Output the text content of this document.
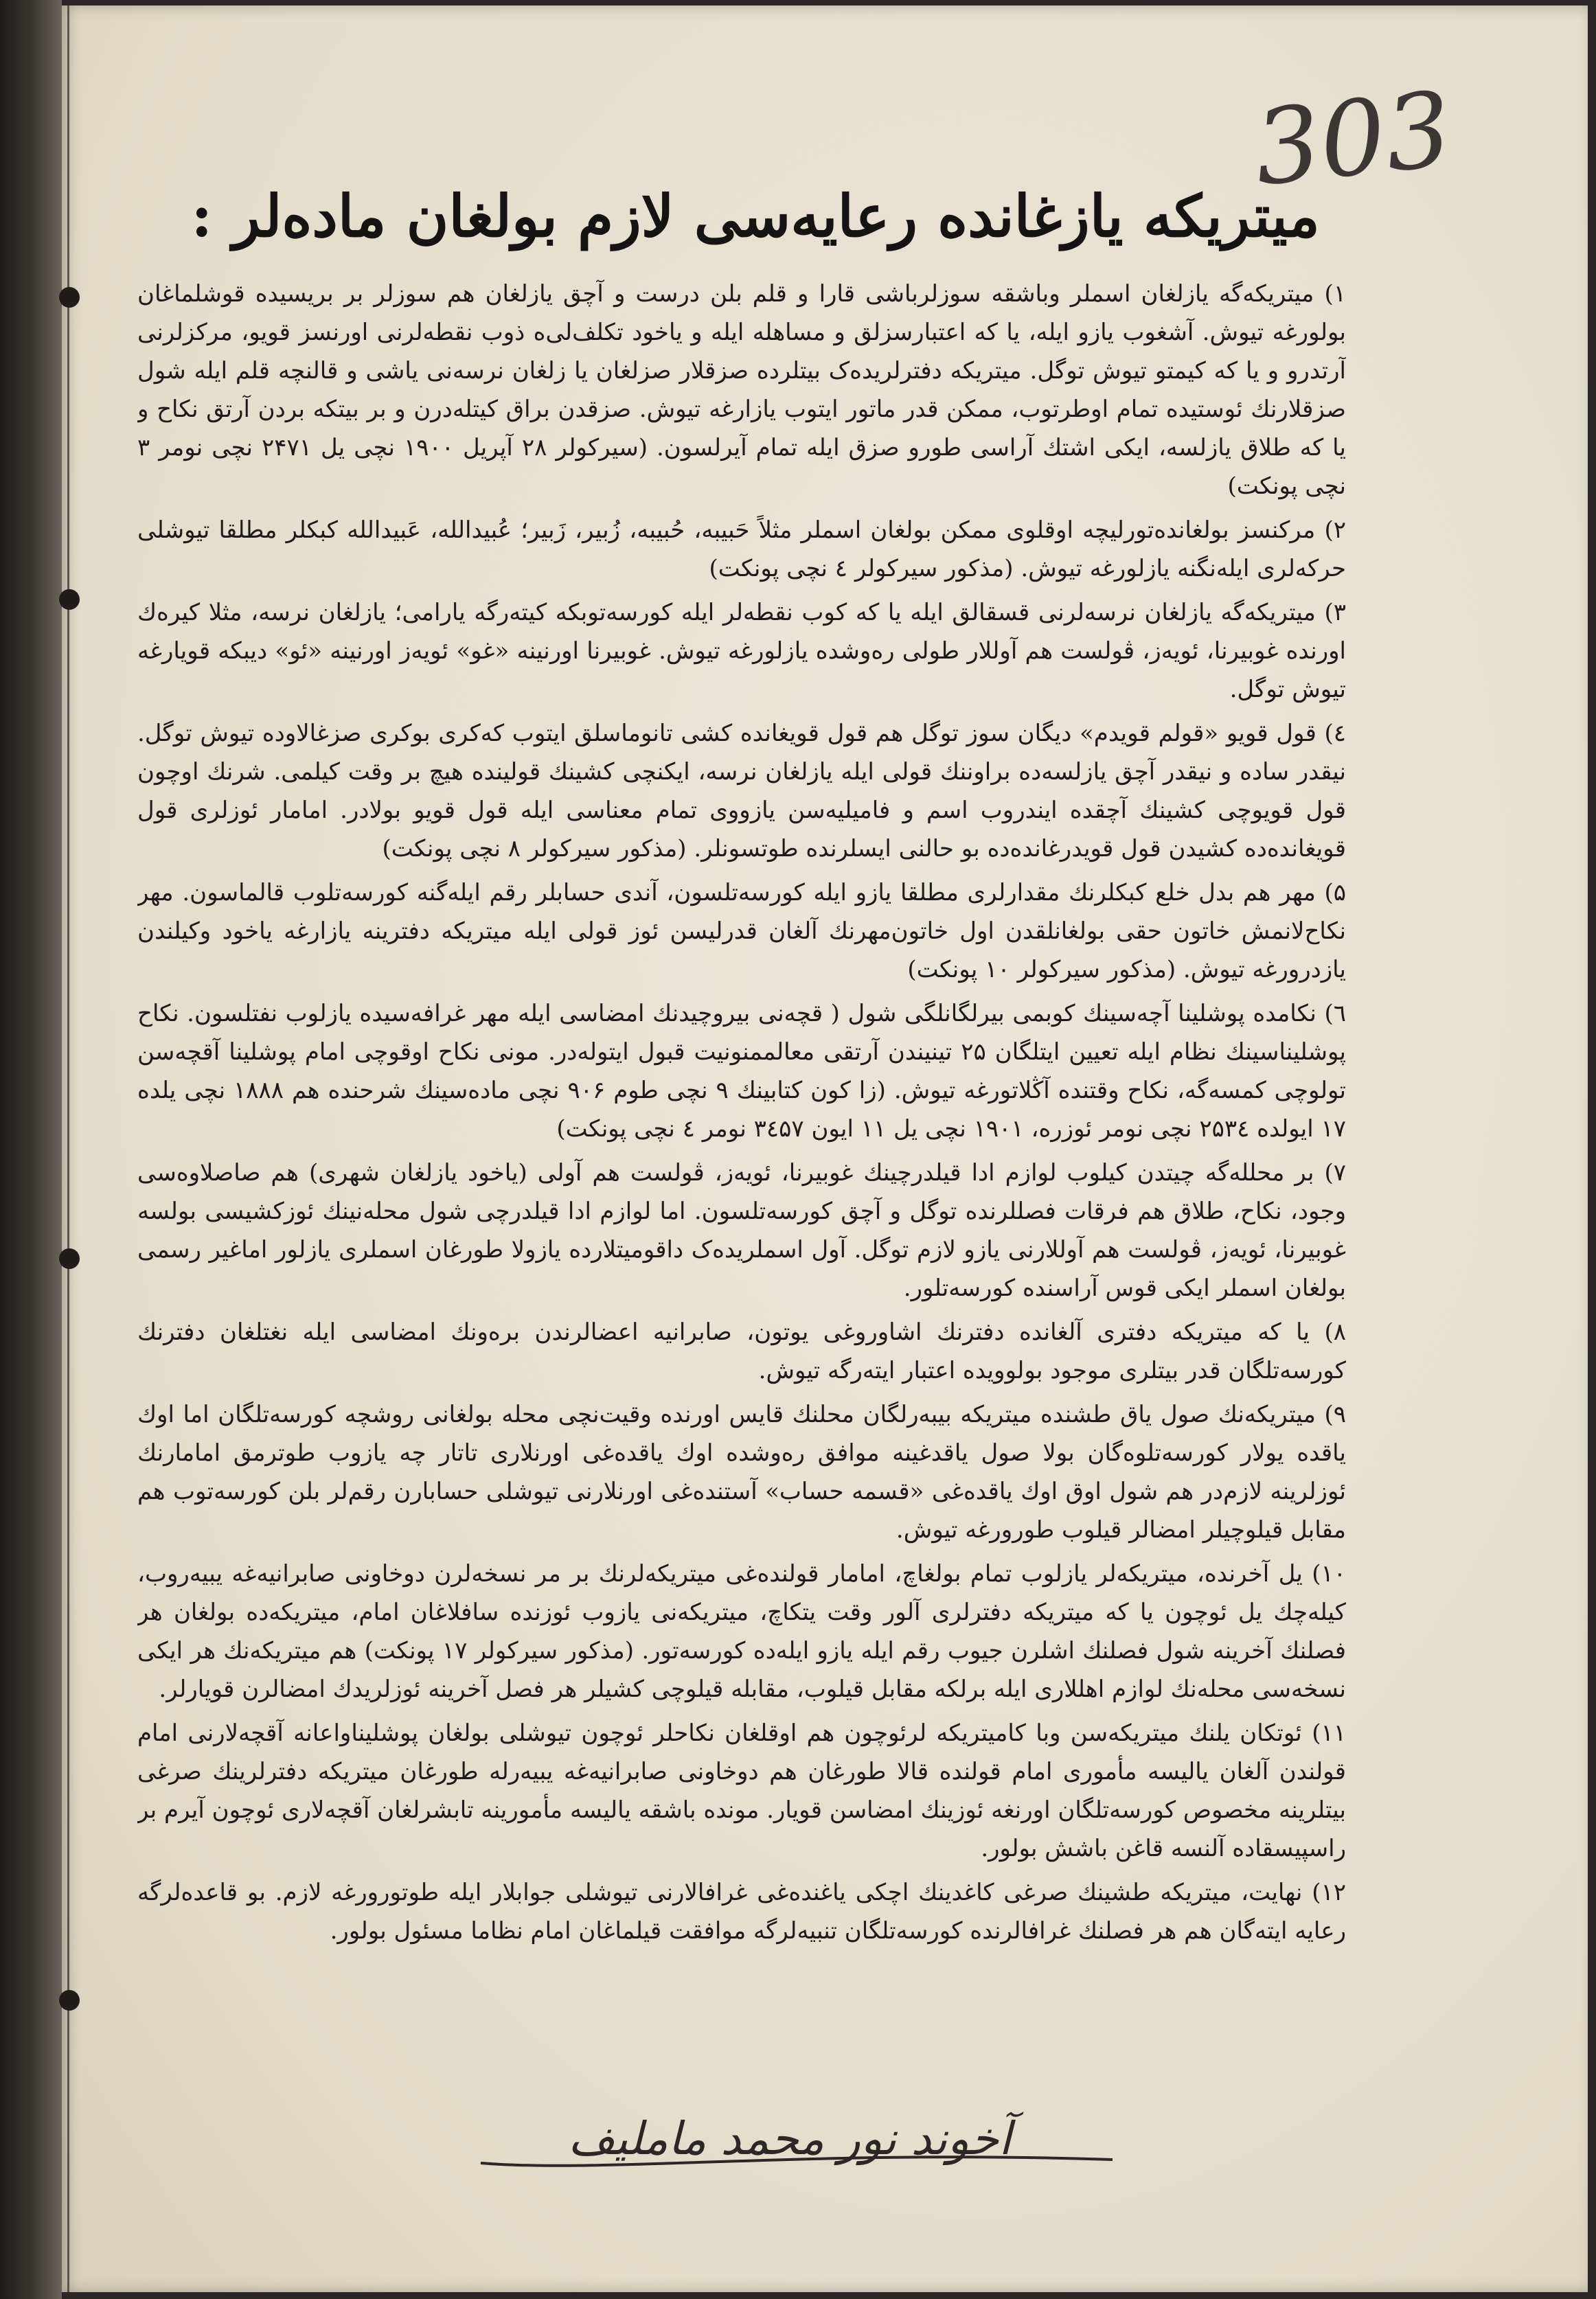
303
میتریکه یازغانده رعایه‌سی لازم بولغان ماده‌لر :

۱) میتریکه‌گه یازلغان اسملر وباشقه سوزلرباشی قارا و قلم بلن درست و آچق یازلغان هم سوزلر بر بریسیده قوشلماغان بولورغه تیوش. آشغوب یازو ایله، یا که اعتبارسزلق و مساهله ایله و یاخود تکلف‌لی‌ه‌ ذوب نقطه‌لرنی اورنسز قویو، مرکزلرنی آرتدرو و یا که کیمتو تیوش توگل. میتریکه دفترلریده‌ک بیتلرده صزقلار صزلغان یا زلغان نرسه‌نی یاشی و قالنچه قلم ایله شول صزقلارنك ئوستیده تمام اوطرتوب، ممکن قدر ماتور ایتوب یازارغه تیوش. صزقدن براق کیتله‌درن و بر بیتکه بردن آرتق نکاح و یا که طلاق یازلسه، ایکی اشتك آراسی طورو صزق ایله تمام آیرلسون. (سیرکولر ۲۸ آپریل ۱۹۰۰ نچی یل ۲۴۷۱ نچی نومر ۳ نچی پونکت)

۲) مرکنسز بولغانده‌تورلیچه اوقلوی ممکن بولغان اسملر مثلاً حَبیبه، حُبیبه، زُبیر، زَبیر؛ عُبیدالله، عَبیدالله کبکلر مطلقا تیوشلی حرکه‌لری ایله‌نگنه یازلورغه تیوش. (مذکور سیرکولر ٤ نچی پونکت)

۳) میتریکه‌گه یازلغان نرسه‌لرنی قسقالق ایله یا که کوب نقطه‌لر ایله کورسه‌توبکه کیته‌رگه یارامی؛ یازلغان نرسه، مثلا کیره‌ك اورنده غوبیرنا، ئویه‌ز، ڤولست هم آوللار طولی ره‌وشده یازلورغه تیوش. غوبیرنا اورنینه «غو» ئویه‌ز اورنینه «ئو» دیبکه قویارغه تیوش توگل.

٤) قول قویو «قولم قویدم» دیگان سوز توگل هم قول قویغانده کشی تانوماسلق ایتوب که‌کری بوکری صزغالاوده تیوش توگل. نیقدر ساده و نیقدر آچق یازلسه‌ده براوننك قولی ایله یازلغان نرسه، ایکنچی کشینك قولینده هیچ بر وقت کیلمی. شرنك اوچون قول قویوچی کشینك آچقده ایندروب اسم و فامیلیه‌سن یازووی تمام معناسی ایله قول قویو بولادر. امامار ئوزلری قول قویغانده‌ده کشیدن قول قویدرغانده‌ده بو حالنی ایسلرنده طوتسونلر. (مذکور سیرکولر ۸ نچی پونکت)

۵) مهر هم بدل خلع کبکلرنك مقدارلری مطلقا یازو ایله کورسه‌تلسون، آندی حسابلر رقم ایله‌گنه کورسه‌تلوب قالماسون. مهر نکاح‌لانمش خاتون حقی بولغانلقدن اول خاتون‌مهرنك آلغان قدرلیسن ئوز قولی ایله میتریکه دفترینه یازارغه یاخود وکیلندن یازدرورغه تیوش. (مذکور سیرکولر ۱۰ پونکت)

٦) نکامده پوشلینا آچه‌سینك کوبمی بیرلگانلگی شول ( قچه‌نی بیروچیدنك امضاسی ایله مهر غرافه‌سیده یازلوب نفتلسون. نکاح پوشلیناسینك نظام ایله تعیین ایتلگان ۲۵ تینیندن آرتقی معالممنونیت قبول ایتوله‌در. مونی نکاح اوقوچی امام پوشلینا آقچه‌سن تولوچی کمسه‌گه، نکاح وقتنده آڭلاتورغه تیوش. (زا کون کتابینك ۹ نچی طوم ۹۰۶ نچی ماده‌سینك شرحنده هم ۱۸۸۸ نچی یلده ۱۷ ایولده ۲۵۳٤ نچی نومر ئوزره، ۱۹۰۱ نچی یل ۱۱ ایون ۳٤۵۷ نومر ٤ نچی پونکت)

۷) بر محلله‌گه چیتدن کیلوب لوازم ادا قیلدرچینك غوبیرنا، ئویه‌ز، ڤولست هم آولی (یاخود یازلغان شهری) هم صاصلاوه‌سی وجود، نکاح، طلاق هم فرقات فصللرنده توگل و آچق کورسه‌تلسون. اما لوازم ادا قیلدرچی شول محله‌نینك ئوزکشیسی بولسه غوبیرنا، ئویه‌ز، ڤولست هم آوللارنی یازو لازم توگل. آول اسملریده‌ک داقومیتلارده یازولا طورغان اسملری یازلور اماغیر رسمی بولغان اسملر ایکی قوس آراسنده کورسه‌تلور.

۸) یا که میتریکه دفتری آلغانده دفترنك اشاوروغی یوتون، صابرانیه اعضالرندن بره‌ونك امضاسی ایله نغتلغان دفترنك کورسه‌تلگان قدر بیتلری موجود بولوویده اعتبار ایته‌رگه تیوش.

۹) میتریکه‌نك صول یاق طشنده میتریکه بیبه‌رلگان محلنك قایس اورنده وقیت‌نچی محله بولغانی روشچه کورسه‌تلگان اما اوك یاقده یولار کورسه‌تلوه‌گان بولا صول یاقدغینه موافق ره‌وشده اوك یاقده‌غی اورنلاری تاتار چه یازوب طوترمق امامارنك ئوزلرینه لازم‌در هم شول اوق اوك یاقده‌غی «قسمه‌ حساب» آستنده‌غی اورنلارنی تیوشلی حسابارن رقم‌لر بلن کورسه‌توب هم مقابل قیلوچیلر امضالر قیلوب طورورغه تیوش.

۱۰) یل آخرنده، میتریکه‌لر یازلوب تمام بولغاچ، امامار قولنده‌غی میتریکه‌لرنك بر مر نسخه‌لرن دوخاونی صابرانیه‌غه یبیه‌روب، کیله‌چك یل ئوچون یا که میتریکه دفترلری آلور وقت یتکاچ، میتریکه‌نی یازوب ئوزنده سافلاغان امام، میتریکه‌ده بولغان هر فصلنك آخرینه شول فصلنك اشلرن جیوب رقم ایله یازو ایله‌ده کورسه‌تور. (مذکور سیرکولر ۱۷ پونکت) هم میتریکه‌نك هر ایکی نسخه‌سی محله‌نك لوازم اهللاری ایله برلکه مقابل قیلوب، مقابله قیلوچی کشیلر هر فصل آخرینه ئوزلریدك امضالرن قویارلر.

۱۱) ئوتکان یلنك میتریکه‌سن وبا کامیتریکه لرئوچون هم اوقلغان نکاحلر ئوچون تیوشلی بولغان پوشلیناواعانه آقچه‌لارنی امام قولندن آلغان یالیسه مأموری امام قولنده قالا طورغان هم دوخاونی صابرانیه‌غه یبیه‌رله طورغان میتریکه دفترلرینك صرغی بیتلرینه مخصوص کورسه‌تلگان اورنغه ئوزینك امضاسن قویار. مونده باشقه یالیسه مأمورینه تابشرلغان آقچه‌لاری ئوچون آیرم بر راسپیسقاده آلنسه قاغن باشش بولور.

۱۲) نهایت، میتریکه طشینك صرغی کاغدینك اچکی یاغنده‌غی غرافالارنی تیوشلی جوابلار ایله طوتورورغه لازم. بو قاعده‌لرگه رعایه ایته‌گان هم هر فصلنك غرافالرنده کورسه‌تلگان تنبیه‌لرگه موافقت قیلماغان امام نظاما مسئول بولور.

آخوند نور محمد ماملیف
